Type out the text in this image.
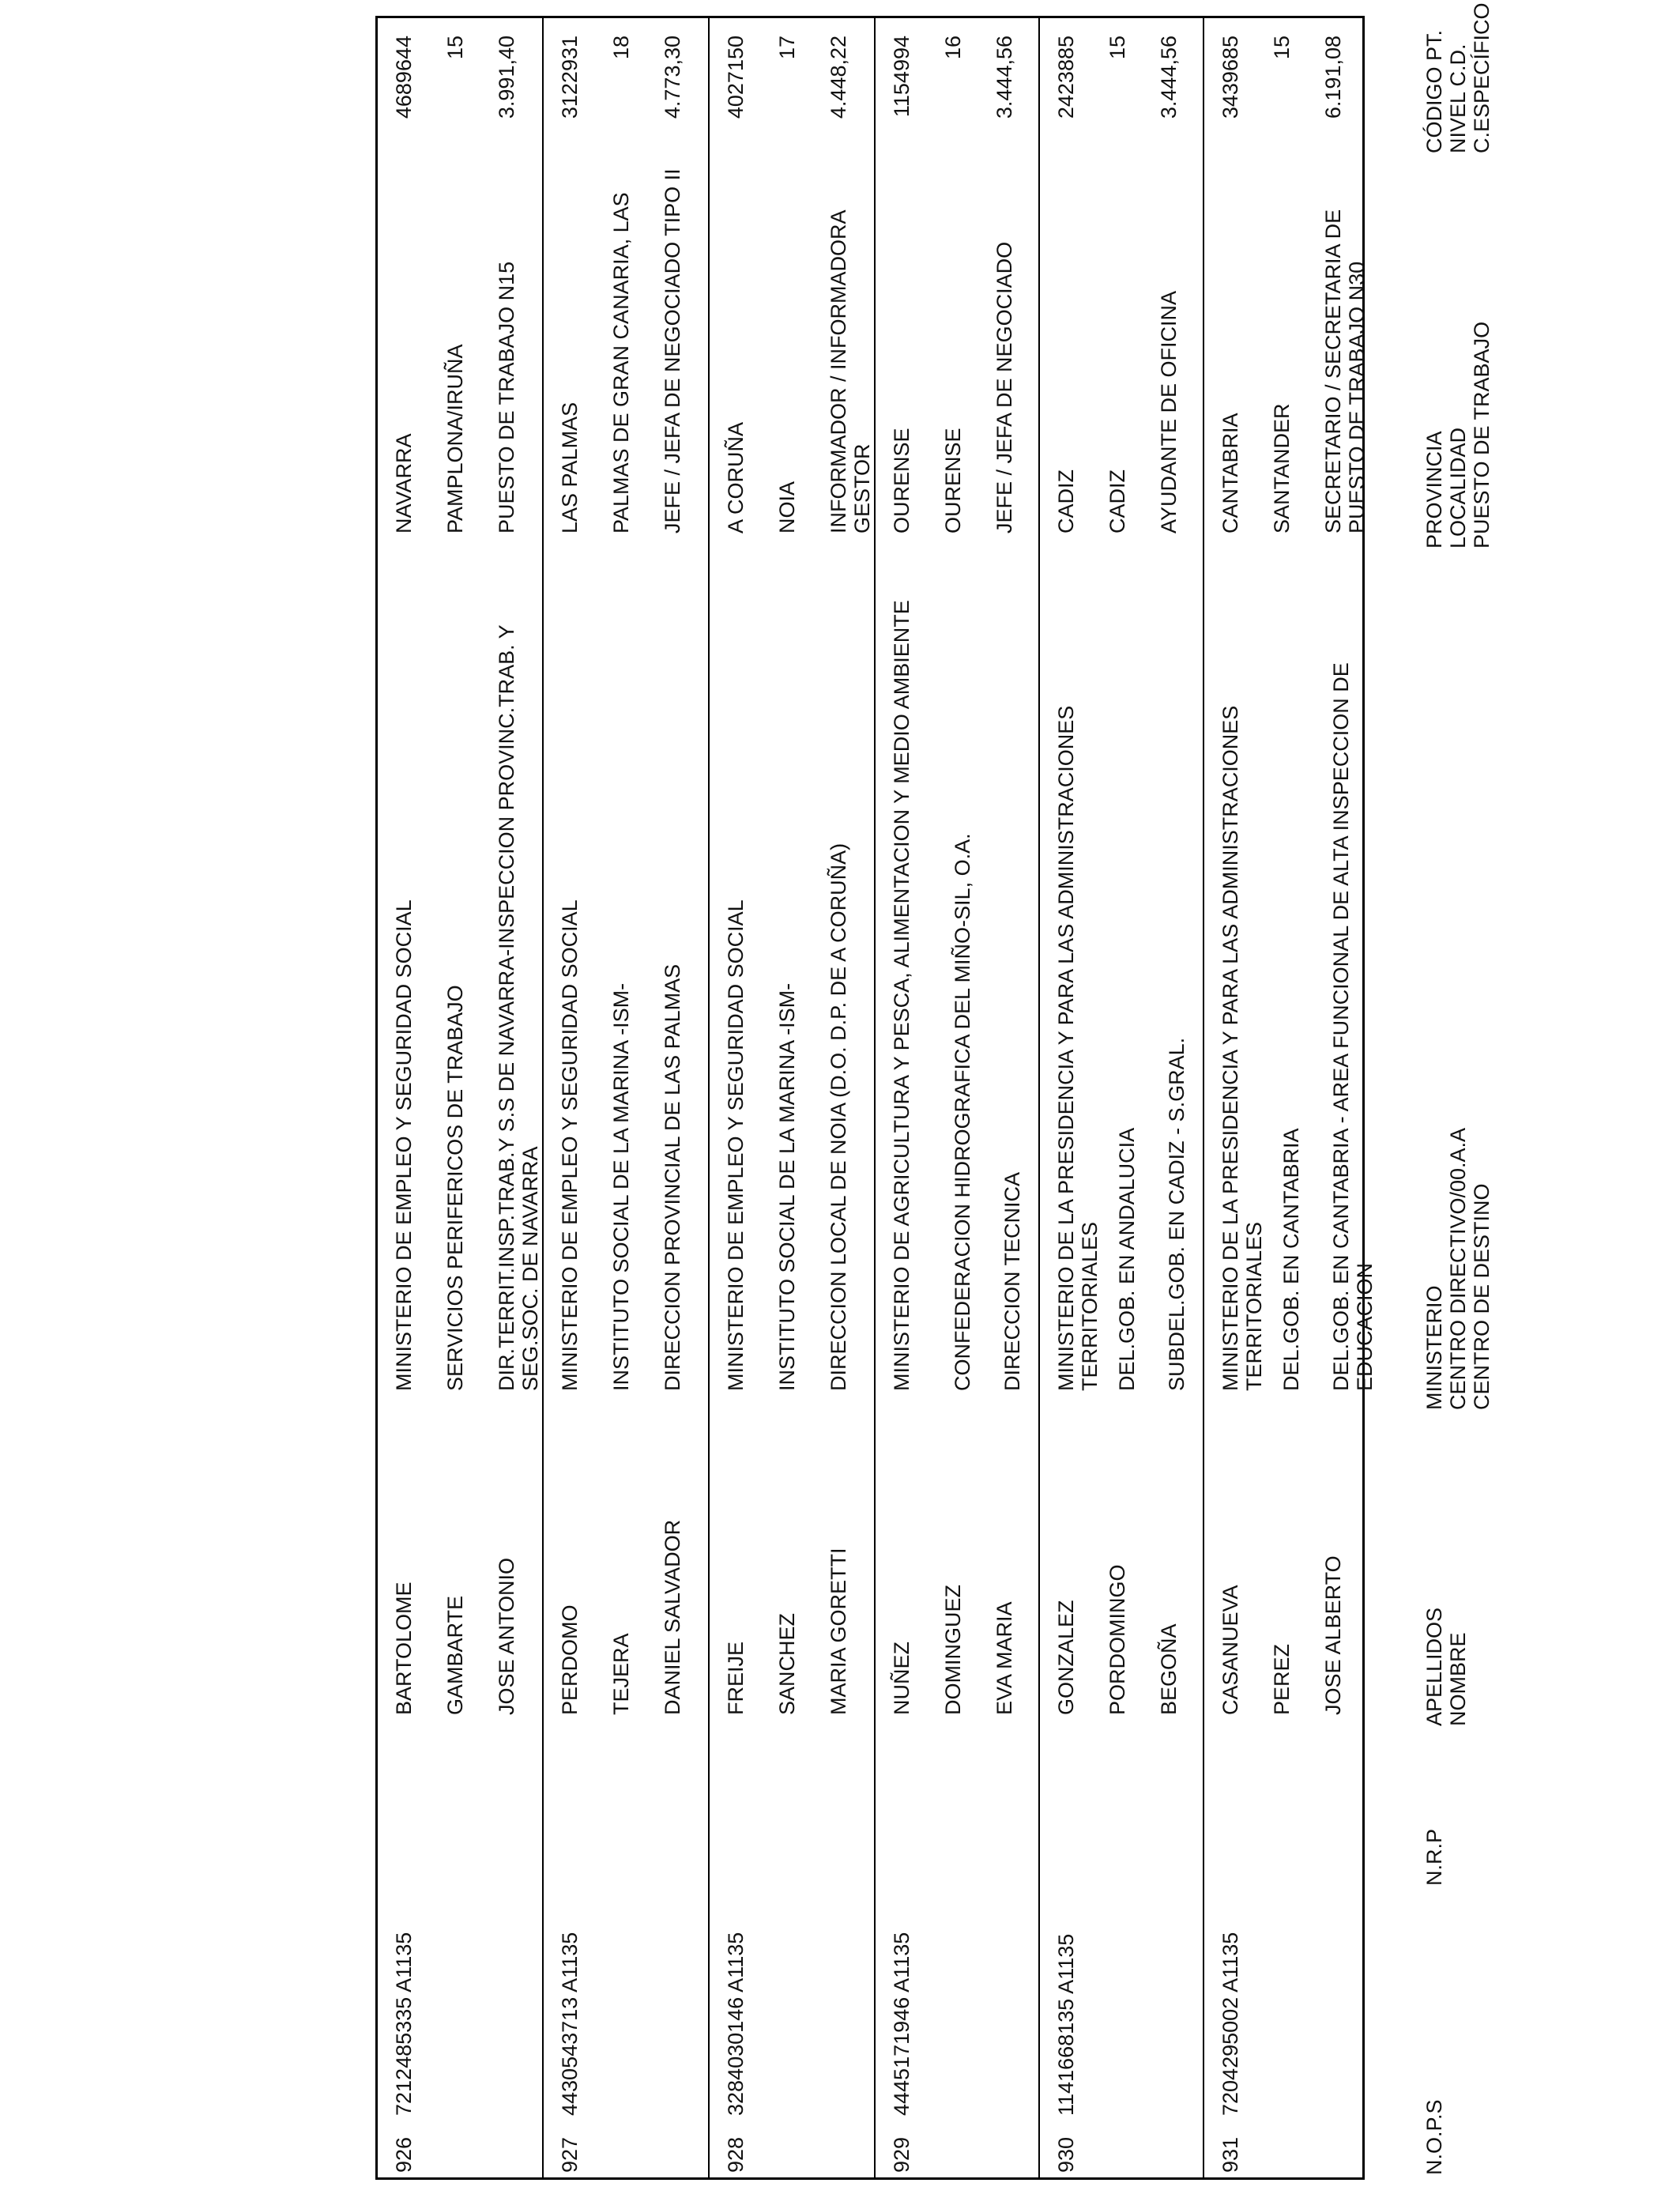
N.O.P.S
N.R.P
APELLIDOS NOMBRE
MINISTERIO CENTRO DIRECTIVO/00.A.A CENTRO DE DESTINO
PROVINCIA LOCALIDAD PUESTO DE TRABAJO
CÓDIGO PT. NIVEL C.D. C.ESPECÍFICO
926
7212485335 A1135
BARTOLOME GAMBARTE JOSE ANTONIO
MINISTERIO DE EMPLEO Y SEGURIDAD SOCIAL SERVICIOS PERIFERICOS DE TRABAJO DIR.TERRIT.INSP.TRAB.Y S.S DE NAVARRA-INSPECCION PROVINC.TRAB. Y SEG.SOC. DE NAVARRA
NAVARRA PAMPLONA/IRUÑA PUESTO DE TRABAJO N15
4689644 15 3.991,40
927
4430543713 A1135
PERDOMO TEJERA DANIEL SALVADOR
MINISTERIO DE EMPLEO Y SEGURIDAD SOCIAL INSTITUTO SOCIAL DE LA MARINA -ISM- DIRECCION PROVINCIAL DE LAS PALMAS
LAS PALMAS PALMAS DE GRAN CANARIA, LAS JEFE / JEFA DE NEGOCIADO TIPO II
3122931 18 4.773,30
928
3284030146 A1135
FREIJE SANCHEZ MARIA GORETTI
MINISTERIO DE EMPLEO Y SEGURIDAD SOCIAL INSTITUTO SOCIAL DE LA MARINA -ISM- DIRECCION LOCAL DE NOIA (D.O. D.P. DE A CORUÑA)
A CORUÑA NOIA INFORMADOR / INFORMADORA GESTOR
4027150 17 4.448,22
929
4445171946 A1135
NUÑEZ DOMINGUEZ EVA MARIA
MINISTERIO DE AGRICULTURA Y PESCA, ALIMENTACION Y MEDIO AMBIENTE CONFEDERACION HIDROGRAFICA DEL MIÑO-SIL, O.A. DIRECCION TECNICA
OURENSE OURENSE JEFE / JEFA DE NEGOCIADO
1154994 16 3.444,56
930
1141668135 A1135
GONZALEZ PORDOMINGO BEGOÑA
MINISTERIO DE LA PRESIDENCIA Y PARA LAS ADMINISTRACIONES TERRITORIALES DEL.GOB. EN ANDALUCIA SUBDEL.GOB. EN CADIZ - S.GRAL.
CADIZ CADIZ AYUDANTE DE OFICINA
2423885 15 3.444,56
931
7204295002 A1135
CASANUEVA PEREZ JOSE ALBERTO
MINISTERIO DE LA PRESIDENCIA Y PARA LAS ADMINISTRACIONES TERRITORIALES DEL.GOB. EN CANTABRIA DEL.GOB. EN CANTABRIA - AREA FUNCIONAL DE ALTA INSPECCION DE EDUCACION
CANTABRIA SANTANDER SECRETARIO / SECRETARIA DE PUESTO DE TRABAJO N30
3439685 15 6.191,08
